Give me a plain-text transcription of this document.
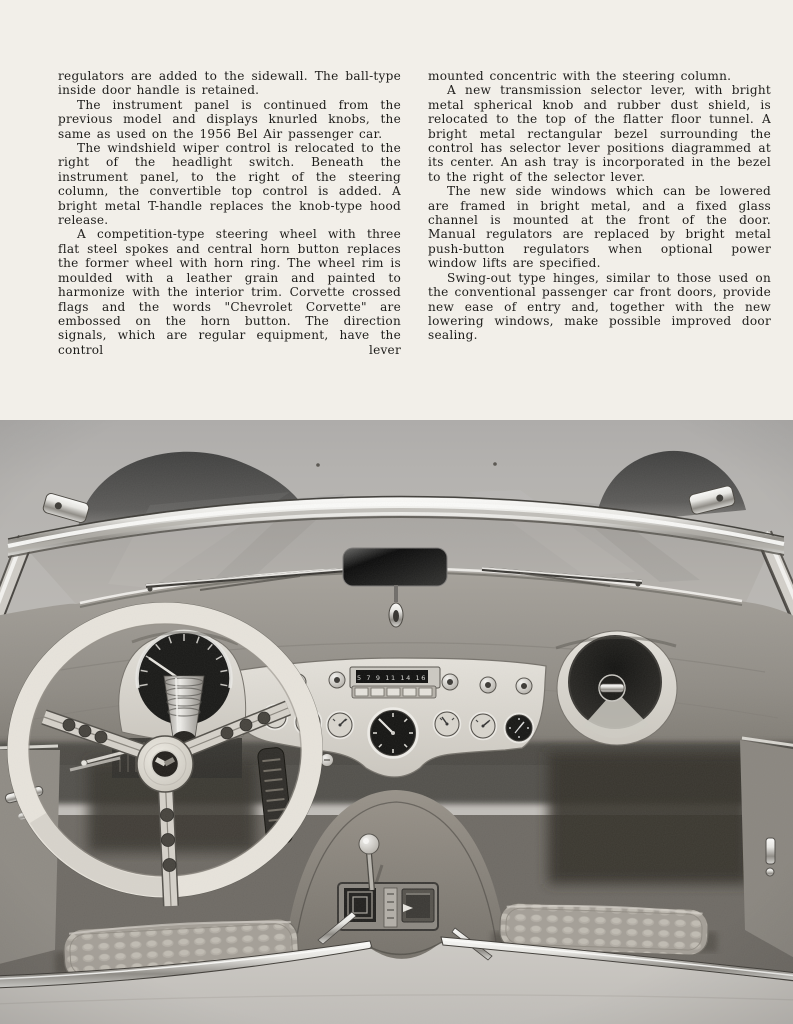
regulators are added to the sidewall. The ball-type inside door handle is retained.

The instrument panel is continued from the previous model and displays knurled knobs, the same as used on the 1956 Bel Air passenger car.

The windshield wiper control is relocated to the right of the headlight switch. Beneath the instrument panel, to the right of the steering column, the convertible top control is added. A bright metal T-handle replaces the knob-type hood release.

A competition-type steering wheel with three flat steel spokes and central horn button replaces the former wheel with horn ring. The wheel rim is moulded with a leather grain and painted to harmonize with the interior trim. Corvette crossed flags and the words "Chevrolet Corvette" are embossed on the horn button. The direction signals, which are regular equipment, have the control lever

mounted concentric with the steering column.

A new transmission selector lever, with bright metal spherical knob and rubber dust shield, is relocated to the top of the flatter floor tunnel. A bright metal rectangular bezel surrounding the control has selector lever positions diagrammed at its center. An ash tray is incorporated in the bezel to the right of the selector lever.

The new side windows which can be lowered are framed in bright metal, and a fixed glass channel is mounted at the front of the door. Manual regulators are replaced by bright metal push-button regulators when optional power window lifts are specified.

Swing-out type hinges, similar to those used on the conventional passenger car front doors, provide new ease of entry and, together with the new lowering windows, make possible improved door sealing.
